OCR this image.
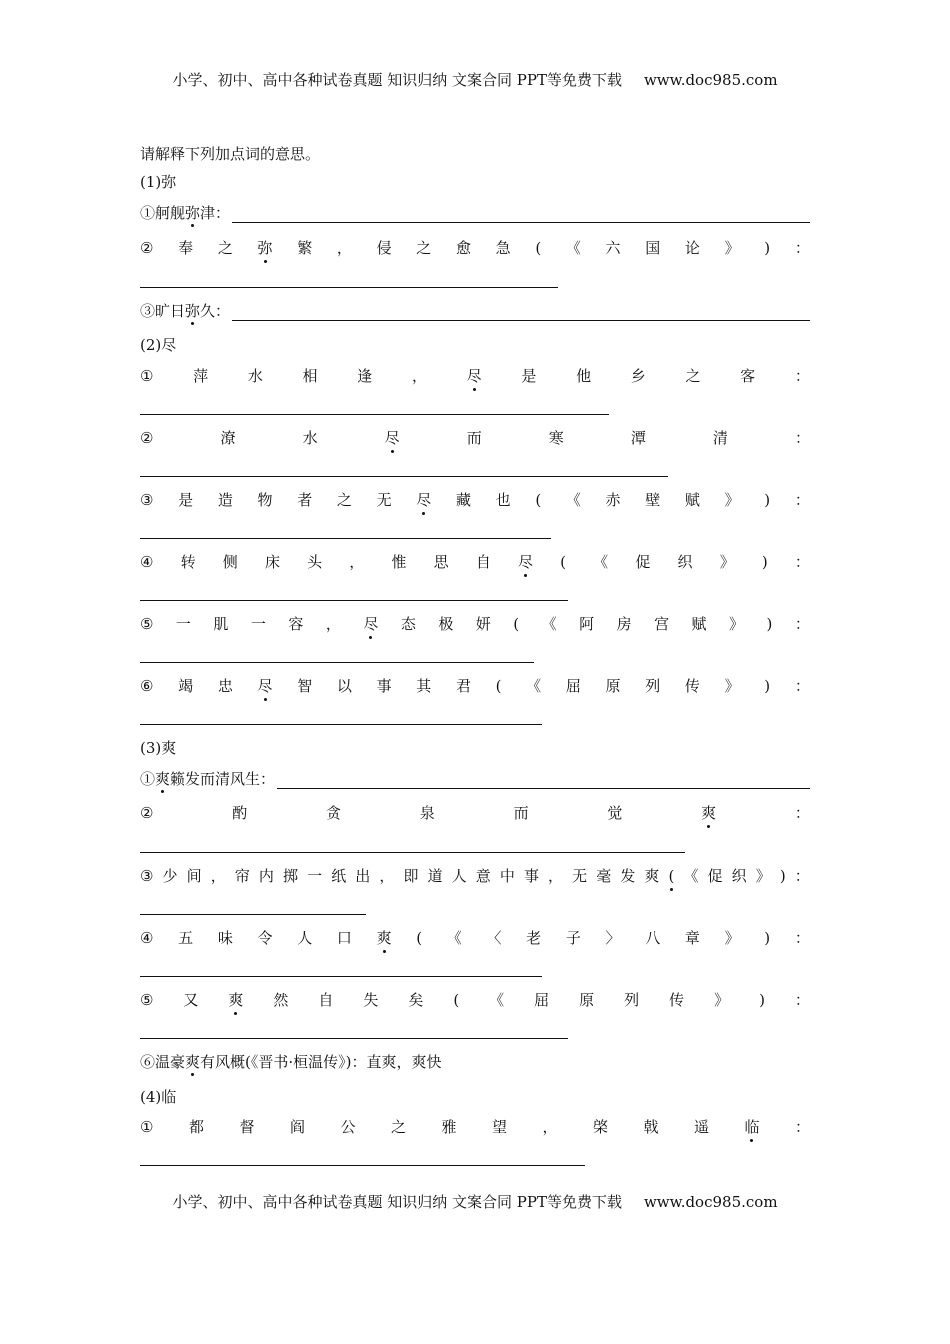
小学、初中、高中各种试卷真题 知识归纳 文案合同 PPT等免费下载 www.doc985.com
请解释下列加点词的意思。
(1)弥
①舸舰弥津：
② 奉 之 弥 繁 ， 侵 之 愈 急 ( 《 六 国 论 》 ) ：
③旷日弥久：
(2)尽
①	萍	水	相	逢	，	尽	是	他	乡	之	客	：
②	潦	水	尽	而	寒	潭	清	：
③ 是 造 物 者 之 无 尽 藏 也 ( 《 赤 壁 赋 》 ) ：
④ 转 侧 床 头 ， 惟 思 自 尽 ( 《 促 织 》 ) ：
⑤ 一 肌 一 容 ， 尽 态 极 妍 ( 《 阿 房 宫 赋 》 ) ：
⑥ 竭 忠 尽 智 以 事 其 君 ( 《 屈 原 列 传 》 ) ：
(3)爽
①爽籁发而清风生：
②	酌	贪	泉	而	觉	爽	：
③ 少 间 ， 帘 内 掷 一 纸 出 ， 即 道 人 意 中 事 ， 无 毫 发 爽 ( 《 促 织 》 ) ：
④ 五 味 令 人 口 爽 ( 《 〈 老 子 〉 八 章 》 ) ：
⑤ 又 爽 然 自 失 矣 ( 《 屈 原 列 传 》 ) ：
⑥温豪爽有风概(《晋书·桓温传》)：直爽，爽快
(4)临
① 都 督 阎 公 之 雅 望 ， 棨 戟 遥 临 ：
小学、初中、高中各种试卷真题 知识归纳 文案合同 PPT等免费下载 www.doc985.com
